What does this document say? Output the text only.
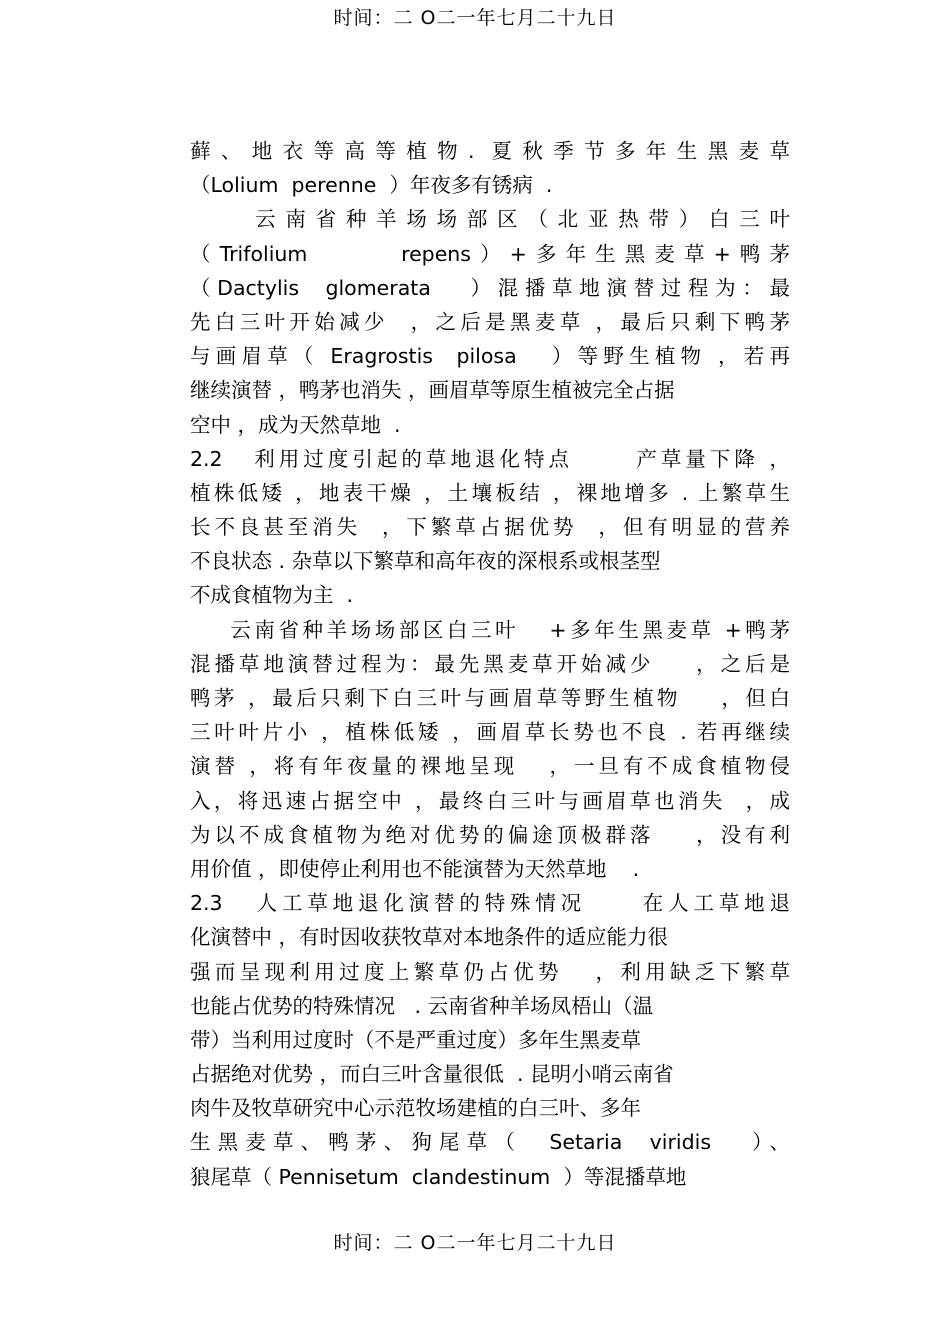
时间：二 O二一年七月二十九日
藓、地衣等高等植物. 夏秋季节多年生黑麦草
（Lolium  perenne  ）年夜多有锈病  .
云南省种羊场场部区（北亚热带）白三叶
（Trifolium      repens）+多年生黑麦草+鸭茅
（Dactylis  glomerata   ）混播草地演替过程为：最
先白三叶开始减少  ，之后是黑麦草 ，最后只剩下鸭茅
与画眉草（ Eragrostis  pilosa   ）等野生植物 ，若再
继续演替 ，鸭茅也消失 ，画眉草等原生植被完全占据
空中 ，成为天然草地  .
2.2   利用过度引起的草地退化特点      产草量下降 ，
植株低矮 ，地表干燥 ，土壤板结 ，裸地增多 . 上繁草生
长不良甚至消失  ，下繁草占据优势  ，但有明显的营养
不良状态 . 杂草以下繁草和高年夜的深根系或根茎型
不成食植物为主  .
云南省种羊场场部区白三叶   +多年生黑麦草 +鸭茅
混播草地演替过程为：最先黑麦草开始减少    ，之后是
鸭茅 ，最后只剩下白三叶与画眉草等野生植物    ，但白
三叶叶片小 ，植株低矮 ，画眉草长势也不良 . 若再继续
演替 ，将有年夜量的裸地呈现   ，一旦有不成食植物侵
入，将迅速占据空中 ，最终白三叶与画眉草也消失  ，成
为以不成食植物为绝对优势的偏途顶极群落    ，没有利
用价值 ，即使停止利用也不能演替为天然草地    .
2.3   人工草地退化演替的特殊情况     在人工草地退
化演替中 ，有时因收获牧草对本地条件的适应能力很
强而呈现利用过度上繁草仍占优势   ，利用缺乏下繁草
也能占优势的特殊情况   . 云南省种羊场凤梧山（温
带）当利用过度时（不是严重过度）多年生黑麦草
占据绝对优势 ，而白三叶含量很低  . 昆明小哨云南省
肉牛及牧草研究中心示范牧场建植的白三叶、多年
生黑麦草、鸭茅、狗尾草（  Setaria  viridis   ）、
狼尾草（ Pennisetum  clandestinum  ）等混播草地
时间：二 O二一年七月二十九日
